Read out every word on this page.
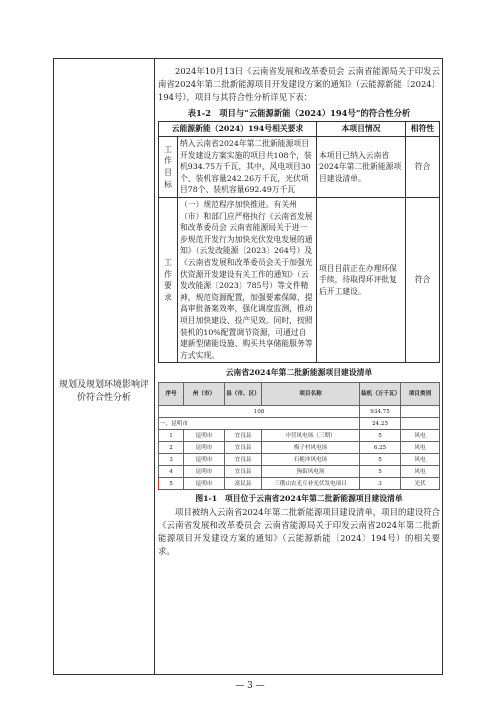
规划及规划环境影响评价符合性分析

2024年10月13日《云南省发展和改革委员会 云南省能源局关于印发云南省2024年第二批新能源项目开发建设方案的通知》（云能源新能〔2024〕194号），项目与其符合性分析详见下表：

表1-2　项目与“云能源新能（2024）194号”的符合性分析
云能源新能（2024）194号相关要求		本项目情况	相符性
工作目标	纳入云南省2024年第二批新能源项目开发建设方案实施的项目共108个，装机934.75万千瓦，其中，风电项目30个、装机容量242.26万千瓦，光伏项目78个、装机容量692.49万千瓦	本项目已纳入云南省2024年第二批新能源项目建设清单。	符合
工作要求	（一）规范程序加快推进。有关州（市）和部门应严格执行《云南省发展和改革委员会 云南省能源局关于进一步规范开发行为加快光伏发电发展的通知》（云发改能源〔2023〕264号）及《云南省发展和改革委员会关于加强光伏资源开发建设有关工作的通知》（云发改能源〔2023〕785号）等文件精神，规范资源配置，加强要素保障，提高审批备案效率，强化调度监测，推动项目加快建设、投产见效。同时，按照装机的10%配置调节资源，可通过自建新型储能设施、购买共享储能服务等方式实现。	项目目前正在办理环保手续，待取得环评批复后开工建设。	符合
云南省2024年第二批新能源项目建设清单
序号	州（市）	县（市、区）	项目名称	装机（万千瓦）	项目类别
108				934.75	
一、昆明市				24.25	
1	昆明市	宜良县	中营风电场（三期）	5	风电
2	昆明市	宜良县	梅子村风电场	6.25	风电
3	昆明市	宜良县	石桅冲风电场	5	风电
4	昆明市	宜良县	狗街风电场	5	风电
5	昆明市	富民县	三俄山农光互补光伏发电项目	3	光伏
图1-1　项目位于云南省2024年第二批新能源项目建设清单

项目被纳入云南省2024年第二批新能源项目建设清单，项目的建设符合《云南省发展和改革委员会 云南省能源局关于印发云南省2024年第二批新能源项目开发建设方案的通知》（云能源新能〔2024〕194号）的相关要求。

— 3 —
